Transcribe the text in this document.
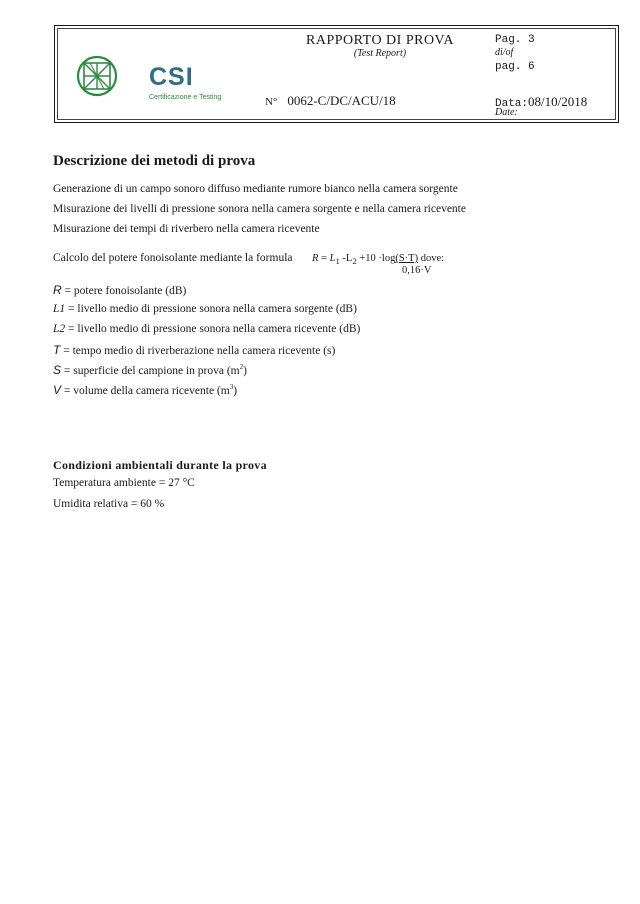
CSI
Certificazione e Testing
RAPPORTO DI PROVA
(Test Report)
N° 0062-C/DC/ACU/18
Pag. 3
di/of
pag. 6
Data:08/10/2018
Date:
Descrizione dei metodi di prova
Generazione di un campo sonoro diffuso mediante rumore bianco nella camera sorgente
Misurazione dei livelli di pressione sonora nella camera sorgente e nella camera ricevente
Misurazione dei tempi di riverbero nella camera ricevente
Calcolo del potere fonoisolante mediante la formula $R = L_1$ $-L_2 +10 \cdot\log(S\cdot T)$ dove:
0,16·V
R = potere fonoisolante (dB)
L1 = livello medio di pressione sonora nella camera sorgente (dB)
L2 = livello medio di pressione sonora nella camera ricevente (dB)
T = tempo medio di riverberazione nella camera ricevente (s)
S = superficie del campione in prova $(m^2)$
V = volume della camera ricevente $(m^3)$
Condizioni ambientali durante la prova
Temperatura ambiente = 27 °C
Umidita relativa = 60 %
